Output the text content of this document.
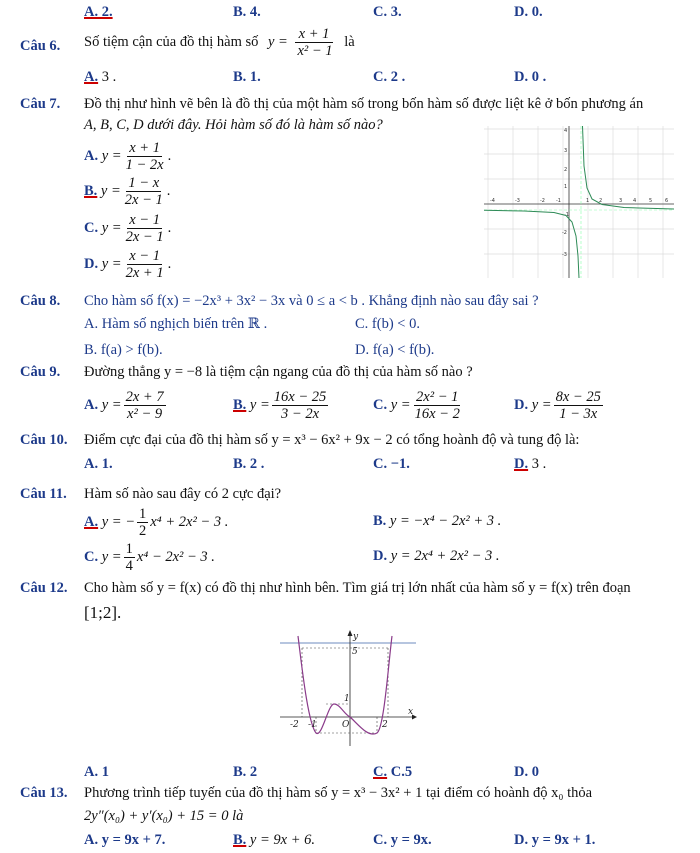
A. 2.	B. 4.	C. 3.	D. 0.
Câu 6. Số tiệm cận của đồ thị hàm số $y = \frac{x + 1}{\text{x² − 1}}$ là
A. 3 .	B. 1.	C. 2 .	D. 0 .
Câu 7. Đồ thị như hình vẽ bên là đồ thị của một hàm số trong bốn hàm số được liệt kê ở bốn phương án
A, B, C, D dưới đây. Hỏi hàm số đó là hàm số nào?
A. $y = \frac{x + 1}{1 - 2x}$ .
B. $y = \frac{1 - x}{2x - 1}$ .
C. $y = \frac{x - 1}{2x - 1}$ .
D. $y = \frac{x - 1}{2x + 1}$ .
-4	-3	-2 -1	1 2	3 4	5	6
4
3
2
1
-1
-2
-3
Câu 8. Cho hàm số f(x) = −2x³ + 3x² − 3x và 0 ≤ a < b . Khẳng định nào sau đây sai ?
A. Hàm số nghịch biến trên ℝ .	C. f(b) < 0.
B. f(a) > f(b).	D. f(a) < f(b).
Câu 9. Đường thẳng y = −8 là tiệm cận ngang của đồ thị của hàm số nào ?
A. $y = \frac{2x + 7}{\text{x² − 9}}$	B. $y = \frac{16x - 25}{3 - 2x}$	C. $y = \frac{\text{2x² − 1}}{16x - 2}$	D. $y = \frac{8x - 25}{1 - 3x}$
Câu 10. Điểm cực đại của đồ thị hàm số y = x³ − 6x² + 9x − 2 có tổng hoành độ và tung độ là:
A. 1.	B. 2 .	C. −1.	D. 3 .
Câu 11. Hàm số nào sau đây có 2 cực đại?
A. y = − $\frac{1}{2} x^4 + 2x^2 - 3$ .	B. y = −x⁴ − 2x² + 3 .
C. $y = \frac{1}{4} x^4 - 2x^2 - 3$ .	D. y = 2x⁴ + 2x² − 3 .
Câu 12. Cho hàm số y = f(x) có đồ thị như hình bên. Tìm giá trị lớn nhất của hàm số y = f(x) trên đoạn
[1;2].
y
x
5
1
-2 -1	O	2
A. 1	B. 2	C. C.5	D. 0
Câu 13. Phương trình tiếp tuyến của đồ thị hàm số y = x³ − 3x² + 1 tại điểm có hoành độ x₀ thỏa
2y″(x₀) + y′(x₀) + 15 = 0 là
A. y = 9x + 7.	B. y = 9x + 6.	C. y = 9x.	D. y = 9x + 1.
